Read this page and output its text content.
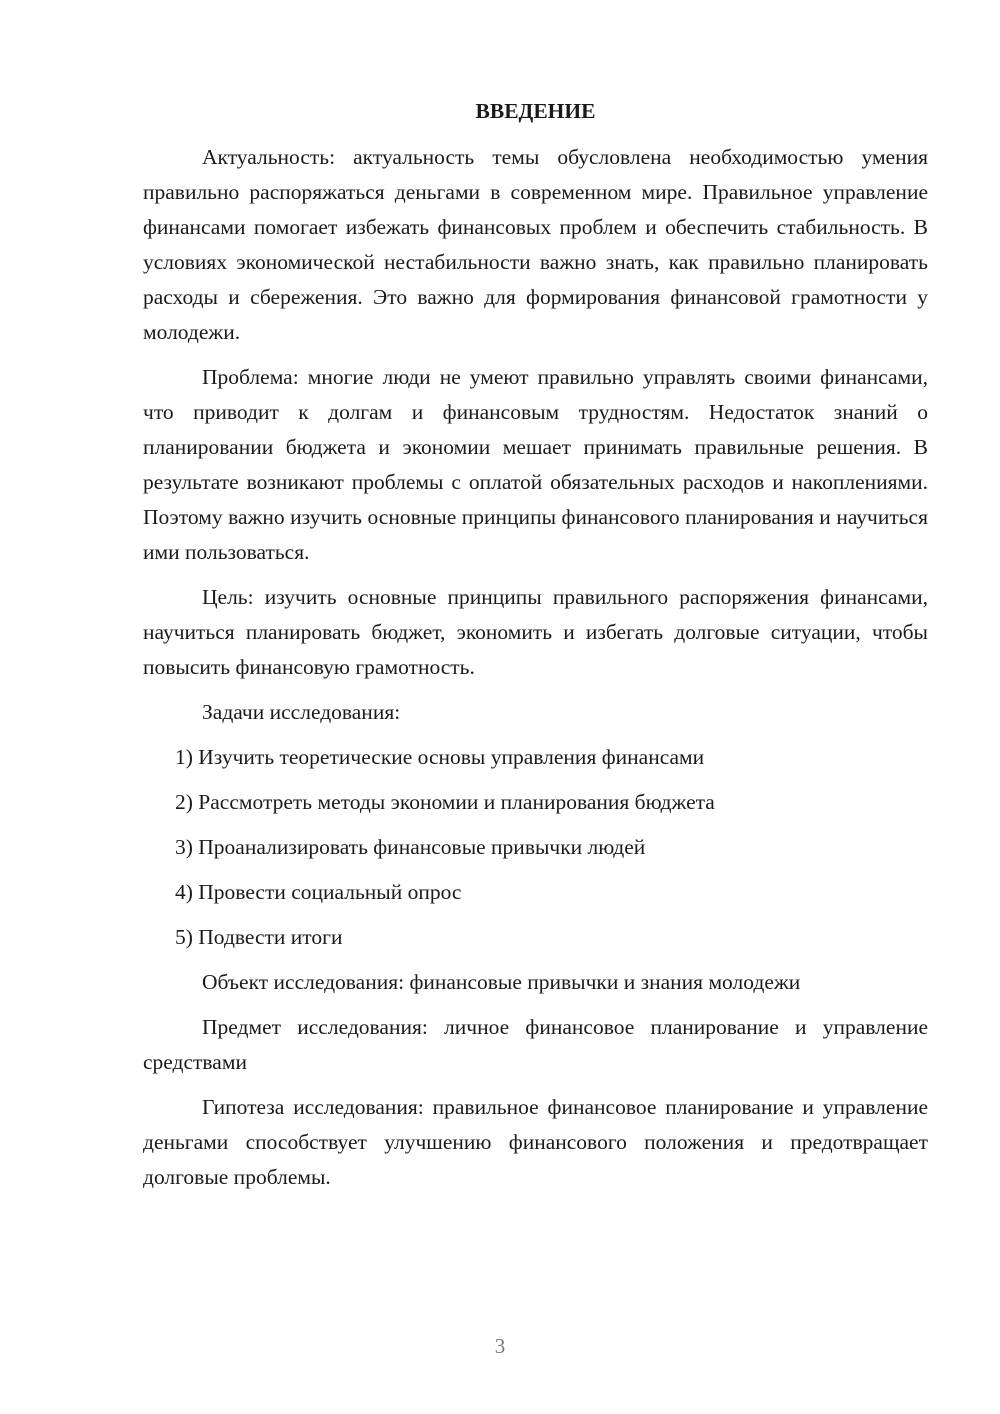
ВВЕДЕНИЕ

Актуальность: актуальность темы обусловлена необходимостью умения правильно распоряжаться деньгами в современном мире. Правильное управление финансами помогает избежать финансовых проблем и обеспечить стабильность. В условиях экономической нестабильности важно знать, как правильно планировать расходы и сбережения. Это важно для формирования финансовой грамотности у молодежи.

Проблема: многие люди не умеют правильно управлять своими финансами, что приводит к долгам и финансовым трудностям. Недостаток знаний о планировании бюджета и экономии мешает принимать правильные решения. В результате возникают проблемы с оплатой обязательных расходов и накоплениями. Поэтому важно изучить основные принципы финансового планирования и научиться ими пользоваться.

Цель: изучить основные принципы правильного распоряжения финансами, научиться планировать бюджет, экономить и избегать долговые ситуации, чтобы повысить финансовую грамотность.

Задачи исследования:

1) Изучить теоретические основы управления финансами
2) Рассмотреть методы экономии и планирования бюджета
3) Проанализировать финансовые привычки людей
4) Провести социальный опрос
5) Подвести итоги

Объект исследования: финансовые привычки и знания молодежи

Предмет исследования: личное финансовое планирование и управление средствами

Гипотеза исследования: правильное финансовое планирование и управление деньгами способствует улучшению финансового положения и предотвращает долговые проблемы.

3
